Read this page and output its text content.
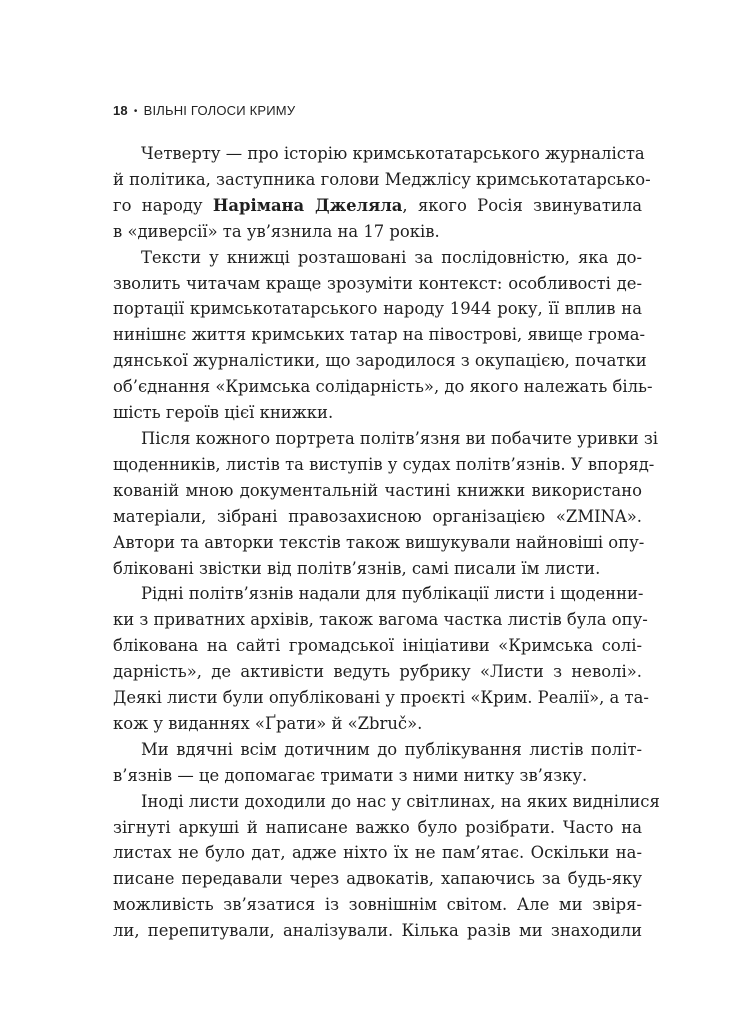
18 • ВІЛЬНІ ГОЛОСИ КРИМУ

Четверту — про історію кримськотатарського журналіста
й політика, заступника голови Меджлісу кримськотатарсько-
го народу Нарімана Джеляла, якого Росія звинуватила
в «диверсії» та ув’язнила на 17 років.

Тексти у книжці розташовані за послідовністю, яка до-
зволить читачам краще зрозуміти контекст: особливості де-
портації кримськотатарського народу 1944 року, її вплив на
нинішнє життя кримських татар на півострові, явище грома-
дянської журналістики, що зародилося з окупацією, початки
об’єднання «Кримська солідарність», до якого належать біль-
шість героїв цієї книжки.

Після кожного портрета політв’язня ви побачите уривки зі
щоденників, листів та виступів у судах політв’язнів. У впоряд-
кованій мною документальній частині книжки використано
матеріали, зібрані правозахисною організацією «ZMINA».
Автори та авторки текстів також вишукували найновіші опу-
бліковані звістки від політв’язнів, самі писали їм листи.

Рідні політв’язнів надали для публікації листи і щоденни-
ки з приватних архівів, також вагома частка листів була опу-
блікована на сайті громадської ініціативи «Кримська солі-
дарність», де активісти ведуть рубрику «Листи з неволі».
Деякі листи були опубліковані у проєкті «Крим. Реалії», а та-
кож у виданнях «Ґрати» й «Zbruč».

Ми вдячні всім дотичним до публікування листів політ-
в’язнів — це допомагає тримати з ними нитку зв’язку.

Іноді листи доходили до нас у світлинах, на яких виднілися
зігнуті аркуші й написане важко було розібрати. Часто на
листах не було дат, адже ніхто їх не пам’ятає. Оскільки на-
писане передавали через адвокатів, хапаючись за будь-яку
можливість зв’язатися із зовнішнім світом. Але ми звіря-
ли, перепитували, аналізували. Кілька разів ми знаходили
